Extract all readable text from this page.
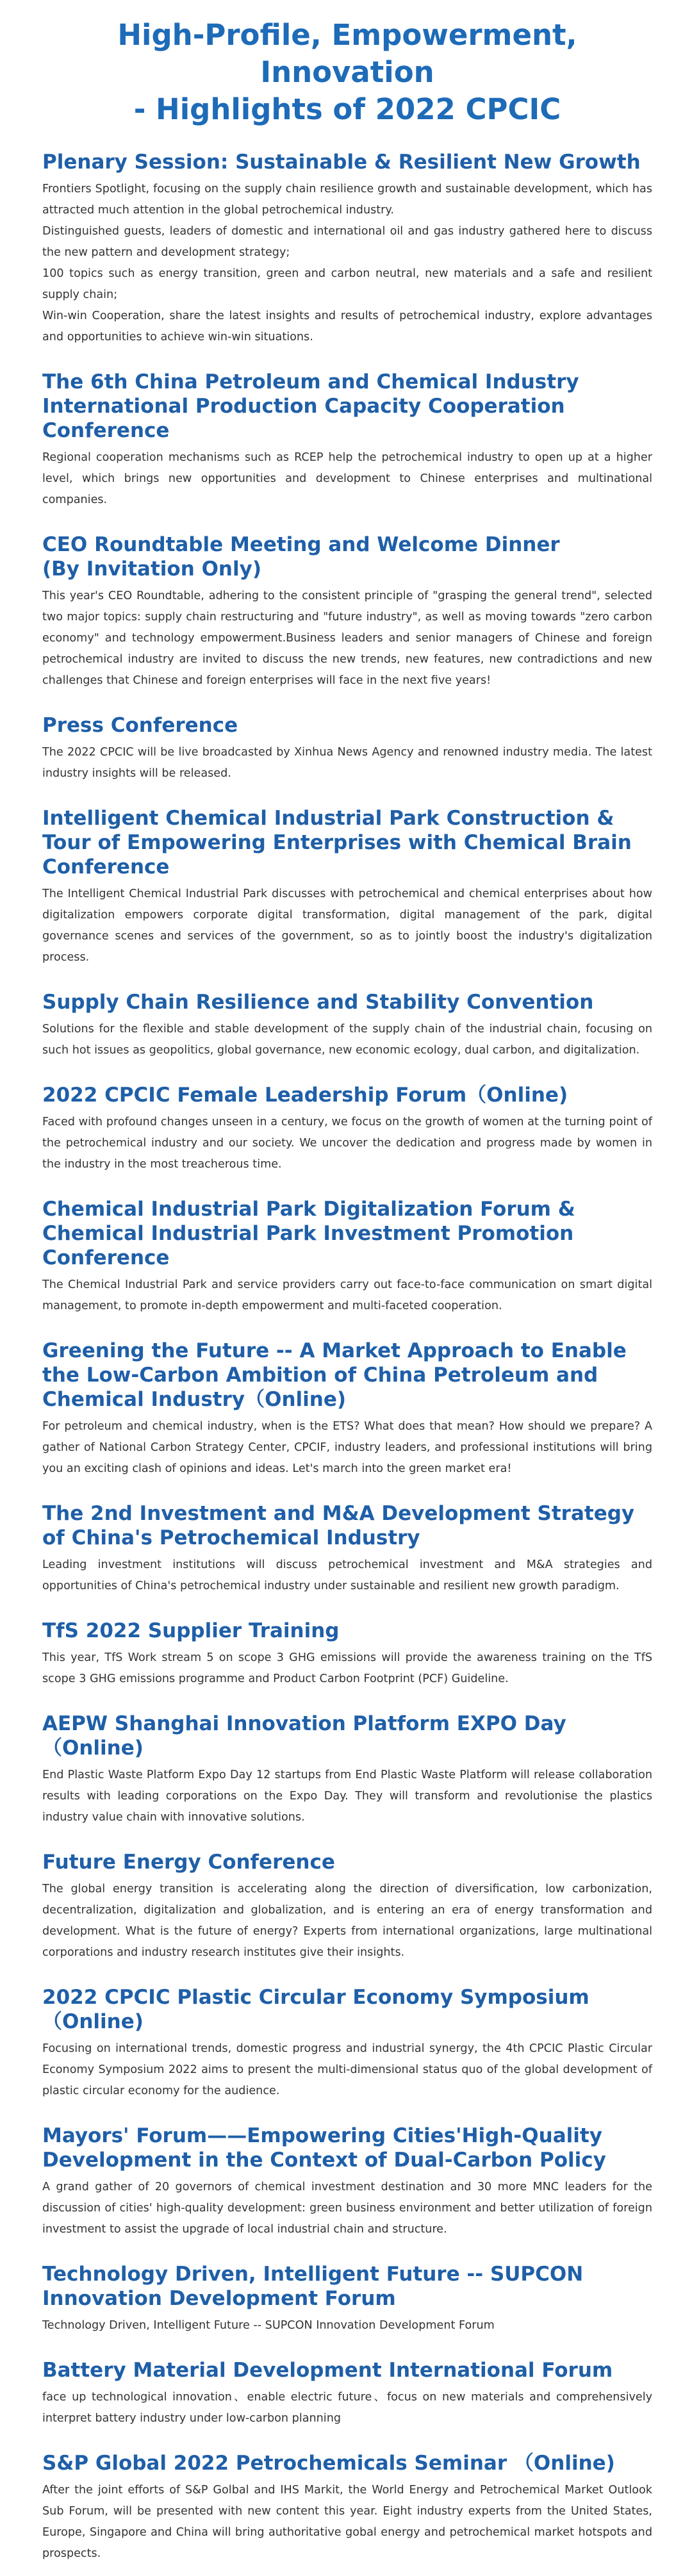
High-Profile, Empowerment, Innovation
- Highlights of 2022 CPCIC
Plenary Session: Sustainable & Resilient New Growth
Frontiers Spotlight, focusing on the supply chain resilience growth and sustainable development, which has attracted much attention in the global petrochemical industry.
Distinguished guests, leaders of domestic and international oil and gas industry gathered here to discuss the new pattern and development strategy;
100 topics such as energy transition, green and carbon neutral, new materials and a safe and resilient supply chain;
Win-win Cooperation, share the latest insights and results of petrochemical industry, explore advantages and opportunities to achieve win-win situations.
The 6th China Petroleum and Chemical Industry International Production Capacity Cooperation Conference
Regional cooperation mechanisms such as RCEP help the petrochemical industry to open up at a higher level, which brings new opportunities and development to Chinese enterprises and multinational companies.
CEO Roundtable Meeting and Welcome Dinner
(By Invitation Only)
This year's CEO Roundtable, adhering to the consistent principle of "grasping the general trend", selected two major topics: supply chain restructuring and "future industry", as well as moving towards "zero carbon economy" and technology empowerment.Business leaders and senior managers of Chinese and foreign petrochemical industry are invited to discuss the new trends, new features, new contradictions and new challenges that Chinese and foreign enterprises will face in the next five years!
Press Conference
The 2022 CPCIC will be live broadcasted by Xinhua News Agency and renowned industry media. The latest industry insights will be released.
Intelligent Chemical Industrial Park Construction & Tour of Empowering Enterprises with Chemical Brain Conference
The Intelligent Chemical Industrial Park discusses with petrochemical and chemical enterprises about how digitalization empowers corporate digital transformation, digital management of the park, digital governance scenes and services of the government, so as to jointly boost the industry's digitalization process.
Supply Chain Resilience and Stability Convention
Solutions for the flexible and stable development of the supply chain of the industrial chain, focusing on such hot issues as geopolitics, global governance, new economic ecology, dual carbon, and digitalization.
2022 CPCIC Female Leadership Forum（Online)
Faced with profound changes unseen in a century, we focus on the growth of women at the turning point of the petrochemical industry and our society. We uncover the dedication and progress made by women in the industry in the most treacherous time.
Chemical Industrial Park Digitalization Forum & Chemical Industrial Park Investment Promotion Conference
The Chemical Industrial Park and service providers carry out face-to-face communication on smart digital management, to promote in-depth empowerment and multi-faceted cooperation.
Greening the Future -- A Market Approach to Enable the Low-Carbon Ambition of China Petroleum and Chemical Industry（Online)
For petroleum and chemical industry, when is the ETS? What does that mean? How should we prepare? A gather of National Carbon Strategy Center, CPCIF, industry leaders, and professional institutions will bring you an exciting clash of opinions and ideas. Let's march into the green market era!
The 2nd Investment and M&A Development Strategy of China's Petrochemical Industry
Leading investment institutions will discuss petrochemical investment and M&A strategies and opportunities of China's petrochemical industry under sustainable and resilient new growth paradigm.
TfS 2022 Supplier Training
This year, TfS Work stream 5 on scope 3 GHG emissions will provide the awareness training on the TfS scope 3 GHG emissions programme and Product Carbon Footprint (PCF) Guideline.
AEPW Shanghai Innovation Platform EXPO Day（Online)
End Plastic Waste Platform Expo Day 12 startups from End Plastic Waste Platform will release collaboration results with leading corporations on the Expo Day. They will transform and revolutionise the plastics industry value chain with innovative solutions.
Future Energy Conference
The global energy transition is accelerating along the direction of diversification, low carbonization, decentralization, digitalization and globalization, and is entering an era of energy transformation and development. What is the future of energy? Experts from international organizations, large multinational corporations and industry research institutes give their insights.
2022 CPCIC Plastic Circular Economy Symposium （Online)
Focusing on international trends, domestic progress and industrial synergy, the 4th CPCIC Plastic Circular Economy Symposium 2022 aims to present the multi-dimensional status quo of the global development of plastic circular economy for the audience.
Mayors' Forum——Empowering Cities'High-Quality Development in the Context of Dual-Carbon Policy
A grand gather of 20 governors of chemical investment destination and 30 more MNC leaders for the discussion of cities' high-quality development: green business environment and better utilization of foreign investment to assist the upgrade of local industrial chain and structure.
Technology Driven, Intelligent Future -- SUPCON Innovation Development Forum
Technology Driven, Intelligent Future -- SUPCON Innovation Development Forum
Battery Material Development International Forum
face up technological innovation、enable electric future、focus on new materials and comprehensively interpret battery industry under low-carbon planning
S&P Global 2022 Petrochemicals Seminar （Online)
After the joint efforts of S&P Golbal and IHS Markit, the World Energy and Petrochemical Market Outlook Sub Forum, will be presented with new content this year. Eight industry experts from the United States, Europe, Singapore and China will bring authoritative gobal energy and petrochemical market hotspots and prospects.
